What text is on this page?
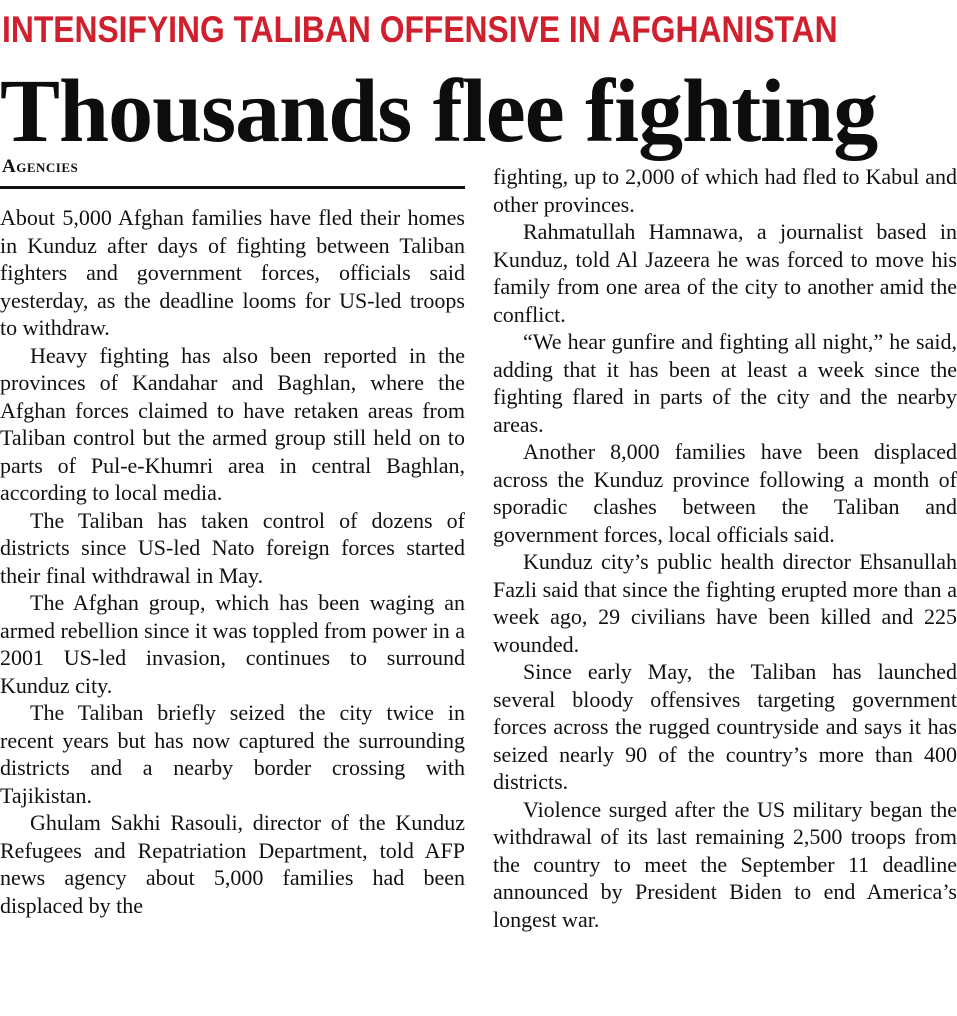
INTENSIFYING TALIBAN OFFENSIVE IN AFGHANISTAN
Thousands flee fighting
Agencies

About 5,000 Afghan families have fled their homes in Kunduz after days of fighting between Taliban fighters and government forces, officials said yesterday, as the deadline looms for US-led troops to withdraw.

Heavy fighting has also been reported in the provinces of Kandahar and Baghlan, where the Afghan forces claimed to have retaken areas from Taliban control but the armed group still held on to parts of Pul-e-Khumri area in central Baghlan, according to local media.

The Taliban has taken control of dozens of districts since US-led Nato foreign forces started their final withdrawal in May.

The Afghan group, which has been waging an armed rebellion since it was toppled from power in a 2001 US-led invasion, continues to surround Kunduz city.

The Taliban briefly seized the city twice in recent years but has now captured the surrounding districts and a nearby border crossing with Tajikistan.

Ghulam Sakhi Rasouli, director of the Kunduz Refugees and Repatriation Department, told AFP news agency about 5,000 families had been displaced by the

fighting, up to 2,000 of which had fled to Kabul and other provinces.

Rahmatullah Hamnawa, a journalist based in Kunduz, told Al Jazeera he was forced to move his family from one area of the city to another amid the conflict.

“We hear gunfire and fighting all night,” he said, adding that it has been at least a week since the fighting flared in parts of the city and the nearby areas.

Another 8,000 families have been displaced across the Kunduz province following a month of sporadic clashes between the Taliban and government forces, local officials said.

Kunduz city’s public health director Ehsanullah Fazli said that since the fighting erupted more than a week ago, 29 civilians have been killed and 225 wounded.

Since early May, the Taliban has launched several bloody offensives targeting government forces across the rugged countryside and says it has seized nearly 90 of the country’s more than 400 districts.

Violence surged after the US military began the withdrawal of its last remaining 2,500 troops from the country to meet the September 11 deadline announced by President Biden to end America’s longest war.
